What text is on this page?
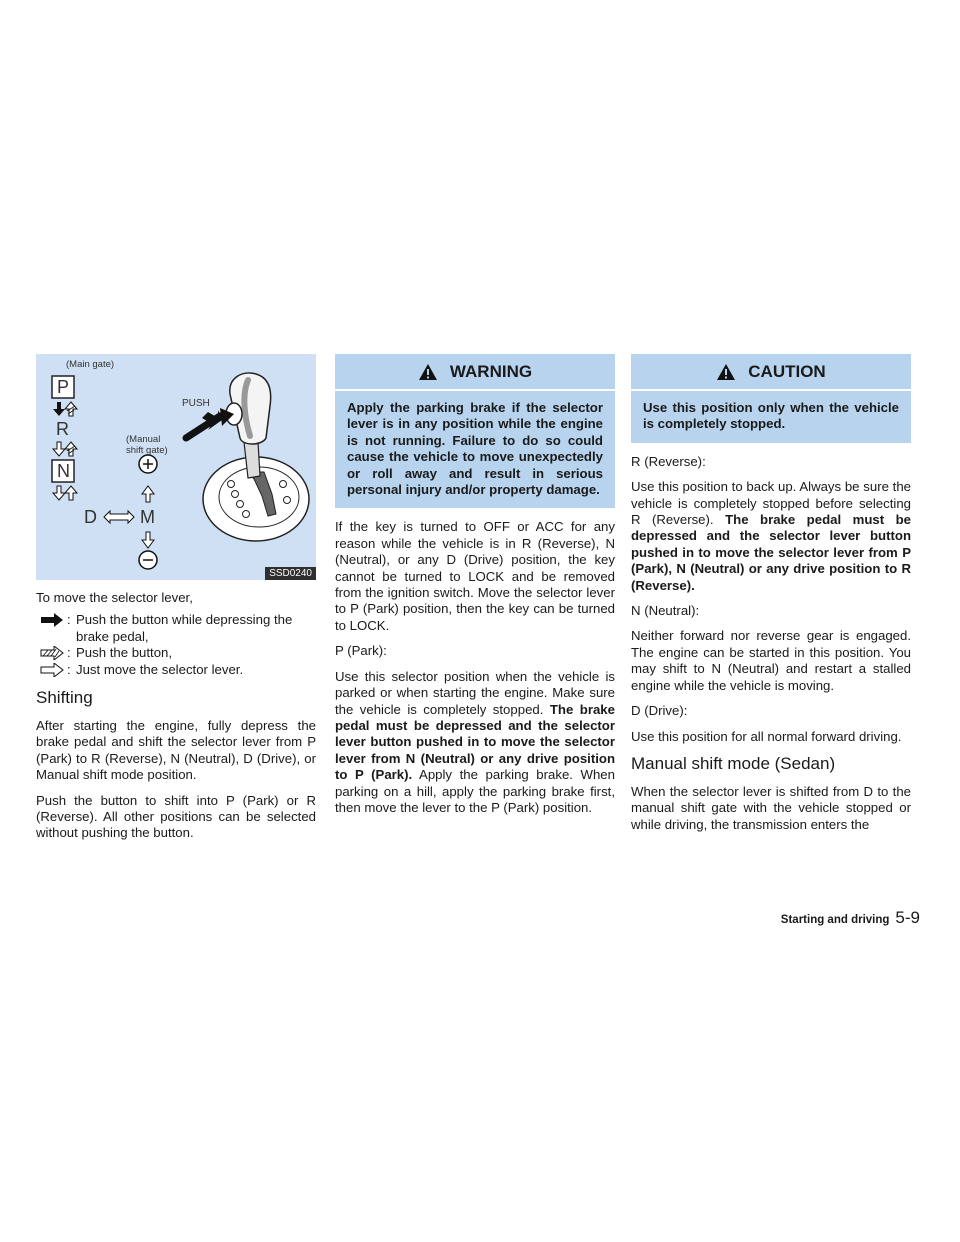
(Main gate)
(Manual
shift gate)
PUSH
P
R
N
D M
SSD0240

To move the selector lever,

: Push the button while depressing the
brake pedal,
: Push the button,
: Just move the selector lever.
Shifting

After starting the engine, fully depress the brake pedal and shift the selector lever from P (Park) to R (Reverse), N (Neutral), D (Drive), or Manual shift mode position.

Push the button to shift into P (Park) or R (Reverse). All other positions can be selected without pushing the button.

WARNING
Apply the parking brake if the selector lever is in any position while the engine is not running. Failure to do so could cause the vehicle to move unexpectedly or roll away and result in serious personal injury and/or property damage.

If the key is turned to OFF or ACC for any reason while the vehicle is in R (Reverse), N (Neutral), or any D (Drive) position, the key cannot be turned to LOCK and be removed from the ignition switch. Move the selector lever to P (Park) position, then the key can be turned to LOCK.

P (Park):

Use this selector position when the vehicle is parked or when starting the engine. Make sure the vehicle is completely stopped. The brake pedal must be depressed and the selector lever button pushed in to move the selector lever from N (Neutral) or any drive position to P (Park). Apply the parking brake. When parking on a hill, apply the parking brake first, then move the lever to the P (Park) position.

CAUTION
Use this position only when the vehicle is completely stopped.

R (Reverse):

Use this position to back up. Always be sure the vehicle is completely stopped before selecting R (Reverse). The brake pedal must be depressed and the selector lever button pushed in to move the selector lever from P (Park), N (Neutral) or any drive position to R (Reverse).

N (Neutral):

Neither forward nor reverse gear is engaged. The engine can be started in this position. You may shift to N (Neutral) and restart a stalled engine while the vehicle is moving.

D (Drive):

Use this position for all normal forward driving.

Manual shift mode (Sedan)

When the selector lever is shifted from D to the manual shift gate with the vehicle stopped or while driving, the transmission enters the

Starting and driving 5-9
